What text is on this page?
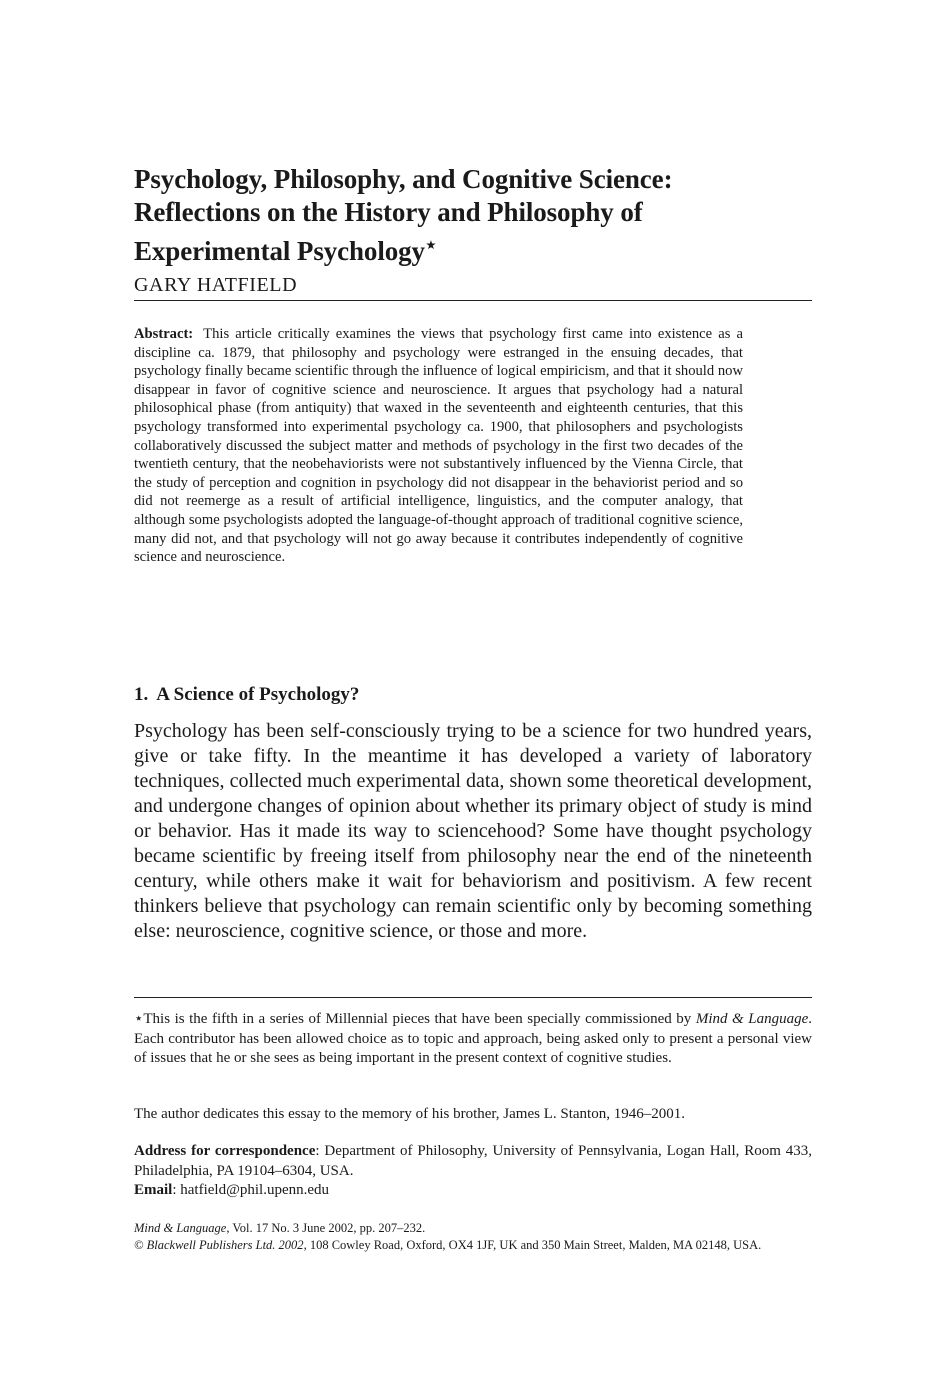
Psychology, Philosophy, and Cognitive Science:
Reflections on the History and Philosophy of
Experimental Psychology⋆
GARY HATFIELD
Abstract: This article critically examines the views that psychology first came into existence as a discipline ca. 1879, that philosophy and psychology were estranged in the ensuing decades, that psychology finally became scientific through the influence of logical empiricism, and that it should now disappear in favor of cognitive science and neuroscience. It argues that psychology had a natural philosophical phase (from antiquity) that waxed in the seventeenth and eighteenth centuries, that this psychology transformed into experimental psychology ca. 1900, that philosophers and psychologists collaboratively discussed the subject matter and methods of psychology in the first two decades of the twentieth century, that the neobehaviorists were not substantively influenced by the Vienna Circle, that the study of perception and cognition in psychology did not disappear in the behaviorist period and so did not reemerge as a result of artificial intelligence, linguistics, and the computer analogy, that although some psychologists adopted the language-of-thought approach of traditional cognitive science, many did not, and that psychology will not go away because it contributes independently of cognitive science and neuroscience.
1. A Science of Psychology?

Psychology has been self-consciously trying to be a science for two hundred years, give or take fifty. In the meantime it has developed a variety of laboratory techniques, collected much experimental data, shown some theoretical development, and undergone changes of opinion about whether its primary object of study is mind or behavior. Has it made its way to sciencehood? Some have thought psychology became scientific by freeing itself from philosophy near the end of the nineteenth century, while others make it wait for behaviorism and positivism. A few recent thinkers believe that psychology can remain scientific only by becoming something else: neuroscience, cognitive science, or those and more.

⋆This is the fifth in a series of Millennial pieces that have been specially commissioned by Mind & Language. Each contributor has been allowed choice as to topic and approach, being asked only to present a personal view of issues that he or she sees as being important in the present context of cognitive studies.

The author dedicates this essay to the memory of his brother, James L. Stanton, 1946–2001.

Address for correspondence: Department of Philosophy, University of Pennsylvania, Logan Hall, Room 433, Philadelphia, PA 19104–6304, USA.
Email: hatfield@phil.upenn.edu

Mind & Language, Vol. 17 No. 3 June 2002, pp. 207–232.
© Blackwell Publishers Ltd. 2002, 108 Cowley Road, Oxford, OX4 1JF, UK and 350 Main Street, Malden, MA 02148, USA.
